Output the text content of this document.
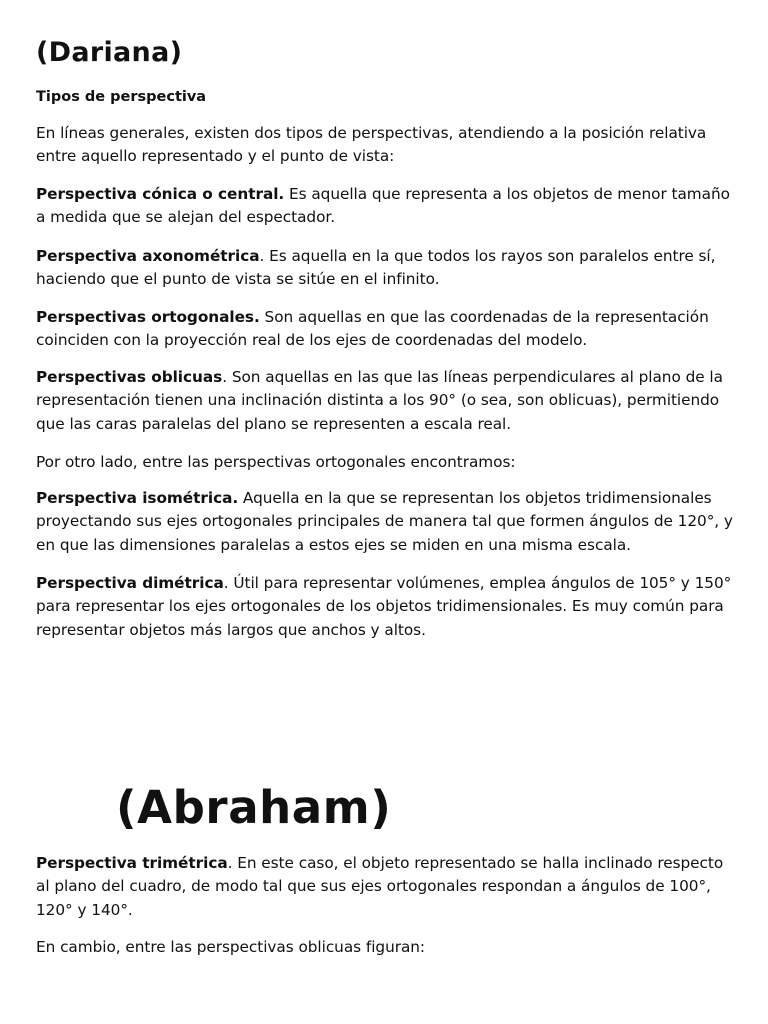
(Dariana)
Tipos de perspectiva

En líneas generales, existen dos tipos de perspectivas, atendiendo a la posición relativa entre aquello representado y el punto de vista:

Perspectiva cónica o central. Es aquella que representa a los objetos de menor tamaño a medida que se alejan del espectador.

Perspectiva axonométrica. Es aquella en la que todos los rayos son paralelos entre sí, haciendo que el punto de vista se sitúe en el infinito.

Perspectivas ortogonales. Son aquellas en que las coordenadas de la representación coinciden con la proyección real de los ejes de coordenadas del modelo.

Perspectivas oblicuas. Son aquellas en las que las líneas perpendiculares al plano de la representación tienen una inclinación distinta a los 90° (o sea, son oblicuas), permitiendo que las caras paralelas del plano se representen a escala real.

Por otro lado, entre las perspectivas ortogonales encontramos:

Perspectiva isométrica. Aquella en la que se representan los objetos tridimensionales proyectando sus ejes ortogonales principales de manera tal que formen ángulos de 120°, y en que las dimensiones paralelas a estos ejes se miden en una misma escala.

Perspectiva dimétrica. Útil para representar volúmenes, emplea ángulos de 105° y 150° para representar los ejes ortogonales de los objetos tridimensionales. Es muy común para representar objetos más largos que anchos y altos.

(Abraham)

Perspectiva trimétrica. En este caso, el objeto representado se halla inclinado respecto al plano del cuadro, de modo tal que sus ejes ortogonales respondan a ángulos de 100°, 120° y 140°.

En cambio, entre las perspectivas oblicuas figuran:
